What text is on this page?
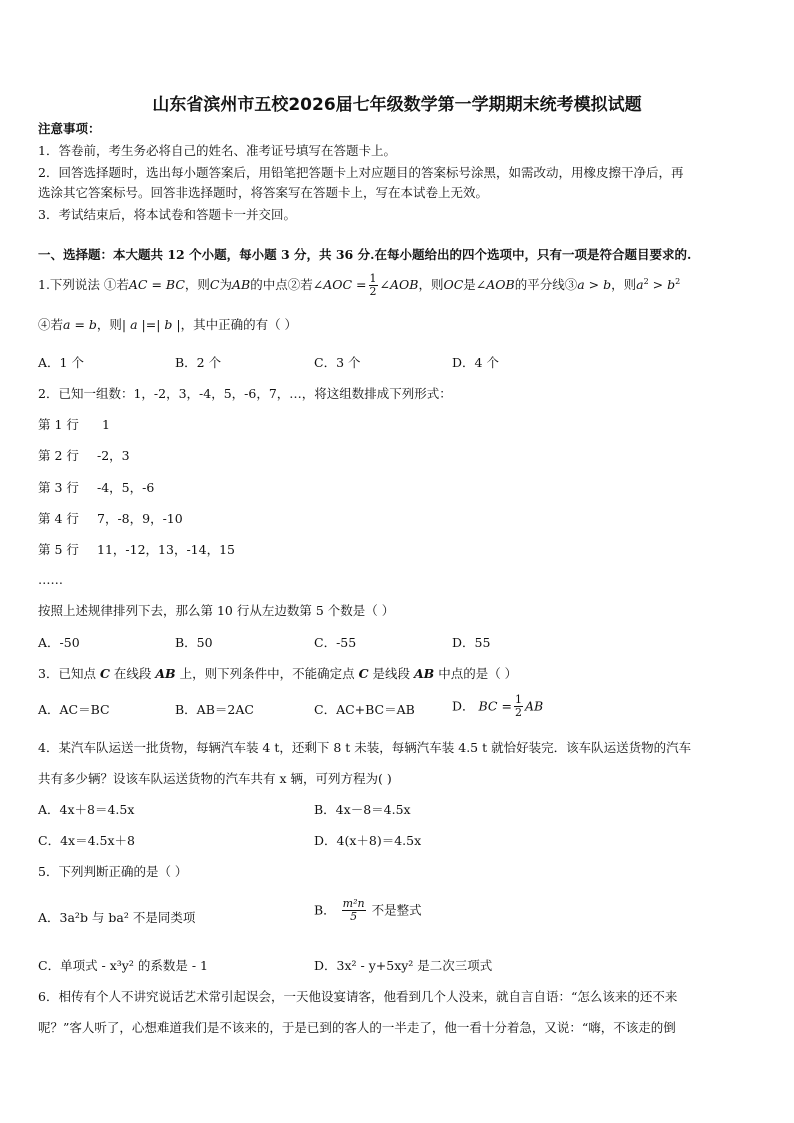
山东省滨州市五校2026届七年级数学第一学期期末统考模拟试题
注意事项：
1．答卷前，考生务必将自己的姓名、准考证号填写在答题卡上。
2．回答选择题时，选出每小题答案后，用铅笔把答题卡上对应题目的答案标号涂黑，如需改动，用橡皮擦干净后，再
选涂其它答案标号。回答非选择题时，将答案写在答题卡上，写在本试卷上无效。
3．考试结束后，将本试卷和答题卡一并交回。
一、选择题：本大题共 12 个小题，每小题 3 分，共 36 分.在每小题给出的四个选项中，只有一项是符合题目要求的.
1.下列说法 ①若AC = BC，则C为AB的中点②若∠AOC = $\frac{1}{2}$ ∠AOB，则OC是∠AOB的平分线③a > b，则$a^2 > b^2$
④若a = b，则| a |=| b |，其中正确的有（ ）
A．1 个	B．2 个	C．3 个	D．4 个
2．已知一组数：1，-2，3，-4，5，-6，7，…，将这组数排成下列形式：
第 1 行 1
第 2 行 -2，3
第 3 行 -4，5，-6
第 4 行 7，-8，9，-10
第 5 行 11，-12，13，-14，15
……
按照上述规律排列下去，那么第 10 行从左边数第 5 个数是（ ）
A．-50	B．50	C．-55	D．55
3．已知点 C 在线段 AB 上，则下列条件中，不能确定点 C 是线段 AB 中点的是（ ）
A．AC＝BC	B．AB＝2AC	C．AC+BC＝AB	D． BC = $\frac{1}{2}$ AB
4．某汽车队运送一批货物，每辆汽车装 4 t，还剩下 8 t 未装，每辆汽车装 4.5 t 就恰好装完．该车队运送货物的汽车
共有多少辆？设该车队运送货物的汽车共有 x 辆，可列方程为( )
A．4x＋8＝4.5x	B．4x－8＝4.5x
C．4x＝4.5x＋8	D．4(x＋8)＝4.5x
5．下列判断正确的是（ ）
A．3a²b 与 ba² 不是同类项	B． $\frac{\text{m²n}}{5}$ 不是整式
C．单项式 - x³y² 的系数是 - 1	D．3x² - y+5xy² 是二次三项式
6．相传有个人不讲究说话艺术常引起误会，一天他设宴请客，他看到几个人没来，就自言自语：“怎么该来的还不来
呢？”客人听了，心想难道我们是不该来的，于是已到的客人的一半走了，他一看十分着急，又说：“嗨，不该走的倒
